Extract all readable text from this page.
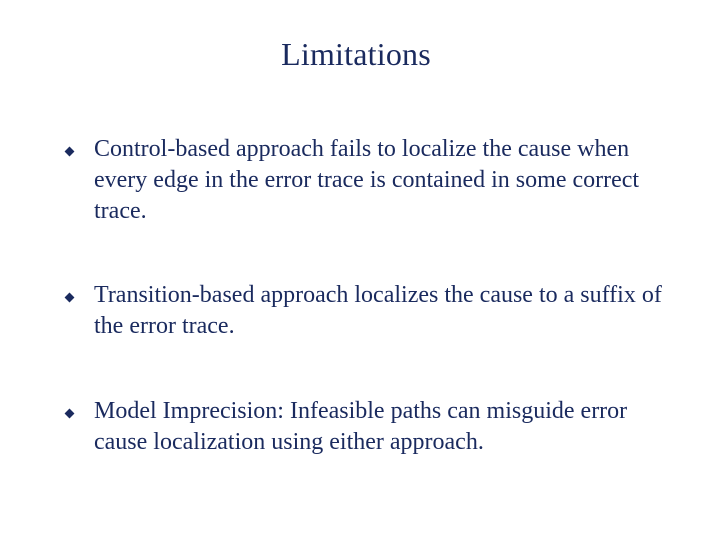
Limitations
Control-based approach fails to localize the cause when every edge in the error trace is contained in some correct trace.
Transition-based approach localizes the cause to a suffix of the error trace.
Model Imprecision: Infeasible paths can misguide error cause localization using either approach.
